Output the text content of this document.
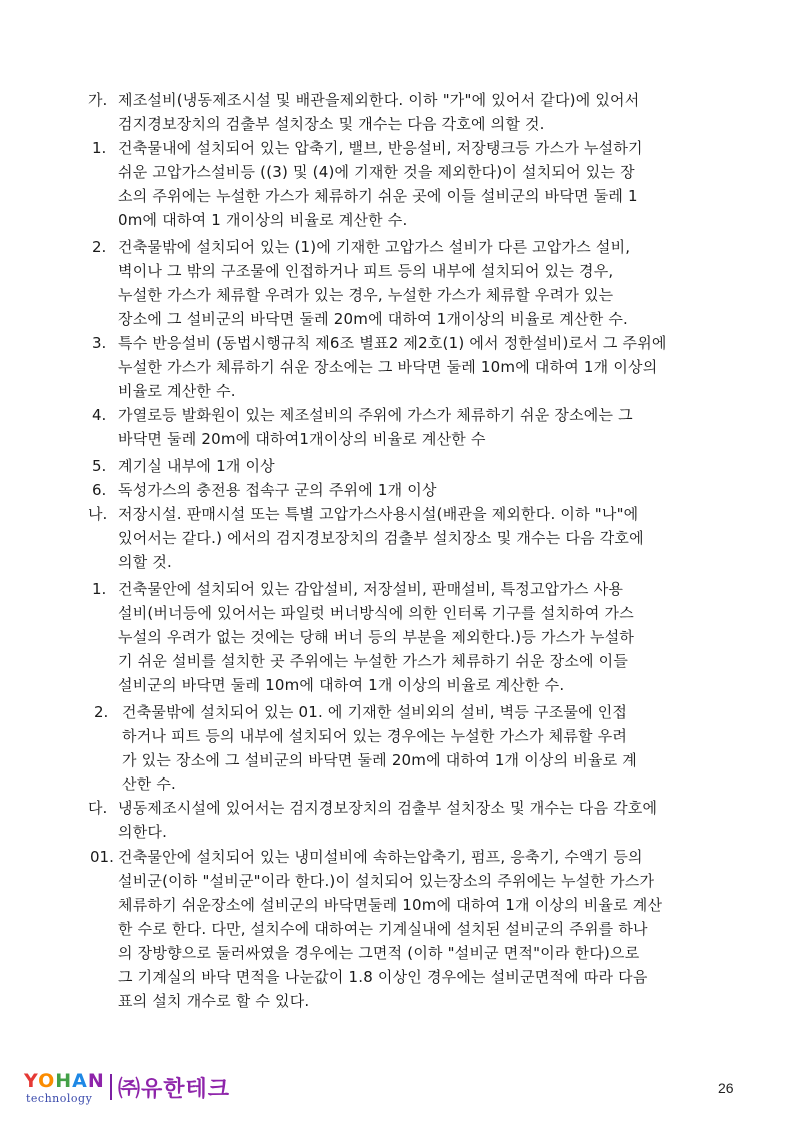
가. 제조설비(냉동제조시설 및 배관을제외한다. 이하 "가"에 있어서 같다)에 있어서
검지경보장치의 검출부 설치장소 및 개수는 다음 각호에 의할 것.
1. 건축물내에 설치되어 있는 압축기, 밸브, 반응설비, 저장탱크등 가스가 누설하기
쉬운 고압가스설비등 ((3) 및 (4)에 기재한 것을 제외한다)이 설치되어 있는 장
소의 주위에는 누설한 가스가 체류하기 쉬운 곳에 이들 설비군의 바닥면 둘레 1
0m에 대하여 1 개이상의 비율로 계산한 수.
2. 건축물밖에 설치되어 있는 (1)에 기재한 고압가스 설비가 다른 고압가스 설비,
벽이나 그 밖의 구조물에 인접하거나 피트 등의 내부에 설치되어 있는 경우,
누설한 가스가 체류할 우려가 있는 경우, 누설한 가스가 체류할 우려가 있는
장소에 그 설비군의 바닥면 둘레 20m에 대하여 1개이상의 비율로 계산한 수.
3. 특수 반응설비 (동법시행규칙 제6조 별표2 제2호(1) 에서 정한설비)로서 그 주위에
누설한 가스가 체류하기 쉬운 장소에는 그 바닥면 둘레 10m에 대하여 1개 이상의
비율로 계산한 수.
4. 가열로등 발화원이 있는 제조설비의 주위에 가스가 체류하기 쉬운 장소에는 그
바닥면 둘레 20m에 대하여1개이상의 비율로 계산한 수
5. 계기실 내부에 1개 이상
6. 독성가스의 충전용 접속구 군의 주위에 1개 이상
나. 저장시설. 판매시설 또는 특별 고압가스사용시설(배관을 제외한다. 이하 "나"에
있어서는 같다.) 에서의 검지경보장치의 검출부 설치장소 및 개수는 다음 각호에
의할 것.
1. 건축물안에 설치되어 있는 감압설비, 저장설비, 판매설비, 특정고압가스 사용
설비(버너등에 있어서는 파일럿 버너방식에 의한 인터록 기구를 설치하여 가스
누설의 우려가 없는 것에는 당해 버너 등의 부분을 제외한다.)등 가스가 누설하
기 쉬운 설비를 설치한 곳 주위에는 누설한 가스가 체류하기 쉬운 장소에 이들
설비군의 바닥면 둘레 10m에 대하여 1개 이상의 비율로 계산한 수.
2. 건축물밖에 설치되어 있는 01. 에 기재한 설비외의 설비, 벽등 구조물에 인접
하거나 피트 등의 내부에 설치되어 있는 경우에는 누설한 가스가 체류할 우려
가 있는 장소에 그 설비군의 바닥면 둘레 20m에 대하여 1개 이상의 비율로 계
산한 수.
다. 냉동제조시설에 있어서는 검지경보장치의 검출부 설치장소 및 개수는 다음 각호에
의한다.
01. 건축물안에 설치되어 있는 냉미설비에 속하는압축기, 펌프, 응축기, 수액기 등의
설비군(이하 "설비군"이라 한다.)이 설치되어 있는장소의 주위에는 누설한 가스가
체류하기 쉬운장소에 설비군의 바닥면둘레 10m에 대하여 1개 이상의 비율로 계산
한 수로 한다. 다만, 설치수에 대하여는 기계실내에 설치된 설비군의 주위를 하나
의 장방향으로 둘러싸였을 경우에는 그면적 (이하 "설비군 면적"이라 한다)으로
그 기계실의 바닥 면적을 나눈값이 1.8 이상인 경우에는 설비군면적에 따라 다음
표의 설치 개수로 할 수 있다.
YOHAN
technology ㈜유한테크	26
